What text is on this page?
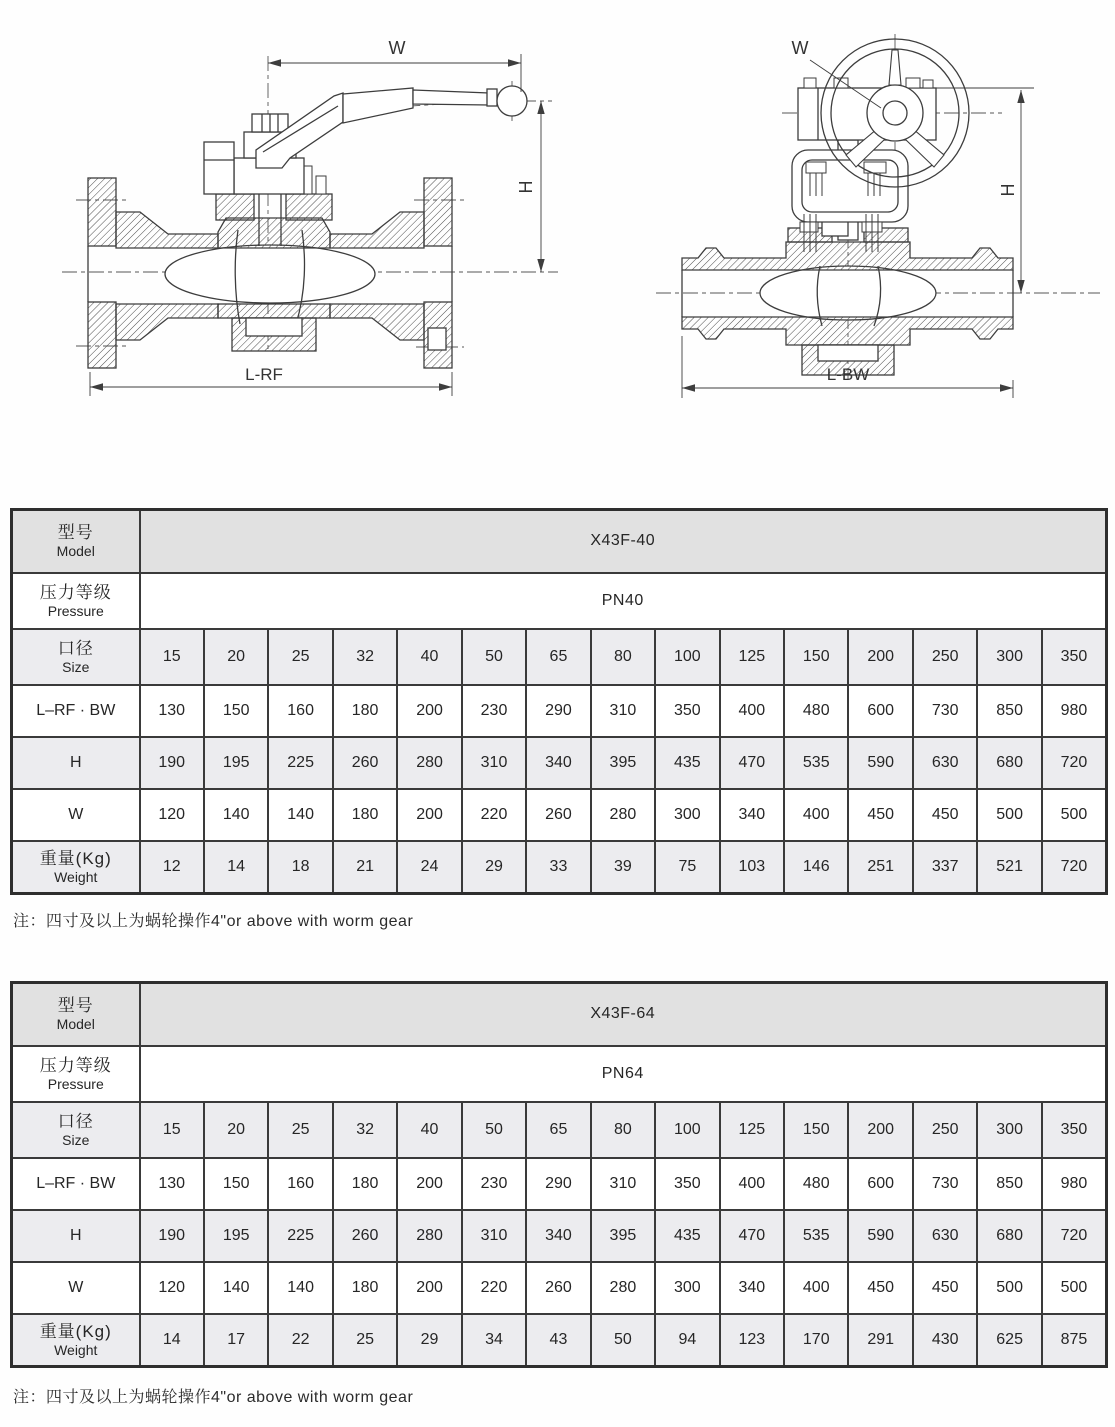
W
H
L-RF
W
H
L-BW
型号
Model	X43F-40														

压力等级
Pressure	PN40														

口径
Size	15	20	25	32	40	50	65	80	100	125	150	200	250	300	350
L–RF · BW	130	150	160	180	200	230	290	310	350	400	480	600	730	850	980
H	190	195	225	260	280	310	340	395	435	470	535	590	630	680	720
W	120	140	140	180	200	220	260	280	300	340	400	450	450	500	500

重量(Kg)
Weight	12	14	18	21	24	29	33	39	75	103	146	251	337	521	720
注：四寸及以上为蜗轮操作4"or above with worm gear
型号
Model	X43F-64														

压力等级
Pressure	PN64														

口径
Size	15	20	25	32	40	50	65	80	100	125	150	200	250	300	350
L–RF · BW	130	150	160	180	200	230	290	310	350	400	480	600	730	850	980
H	190	195	225	260	280	310	340	395	435	470	535	590	630	680	720
W	120	140	140	180	200	220	260	280	300	340	400	450	450	500	500

重量(Kg)
Weight	14	17	22	25	29	34	43	50	94	123	170	291	430	625	875
注：四寸及以上为蜗轮操作4"or above with worm gear
